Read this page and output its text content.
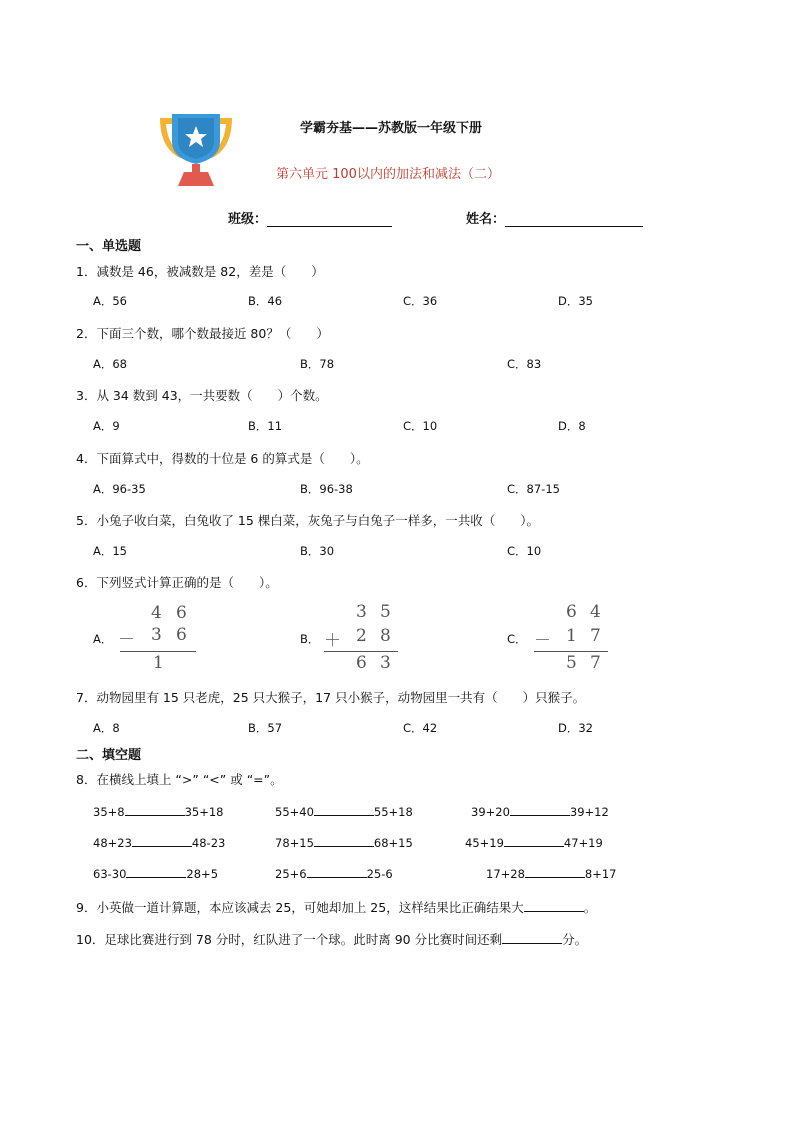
学霸夯基——苏教版一年级下册
第六单元 100以内的加法和减法（二）
班级：	姓名：
一、单选题
1．减数是 46，被减数是 82，差是（　　）
A．56	B．46	C．36	D．35
2．下面三个数，哪个数最接近 80？（　　）
A．68	B．78	C．83
3．从 34 数到 43，一共要数（　　）个数。
A．9	B．11	C．10	D．8
4．下面算式中，得数的十位是 6 的算式是（　　）。
A．96-35	B．96-38	C．87-15
5．小兔子收白菜，白兔收了 15 棵白菜，灰兔子与白兔子一样多，一共收（　　）。
A．15	B．30	C．10
6．下列竖式计算正确的是（　　）。
A．	B．	C．
4 6
－ 3 6
1
3 5
＋ 2 8
6 3
6 4
－ 1 7
5 7
7．动物园里有 15 只老虎，25 只大猴子，17 只小猴子，动物园里一共有（　　）只猴子。
A．8	B．57	C．42	D．32
二、填空题
8．在横线上填上 “>” “<” 或 “=”。
35+8	35+18	55+40	55+18	39+20	39+12
48+23	48-23	78+15	68+15	45+19	47+19
63-30	28+5	25+6	25-6	17+28	8+17
9．小英做一道计算题，本应该减去 25，可她却加上 25，这样结果比正确结果大	。
10．足球比赛进行到 78 分时，红队进了一个球。此时离 90 分比赛时间还剩	分。
